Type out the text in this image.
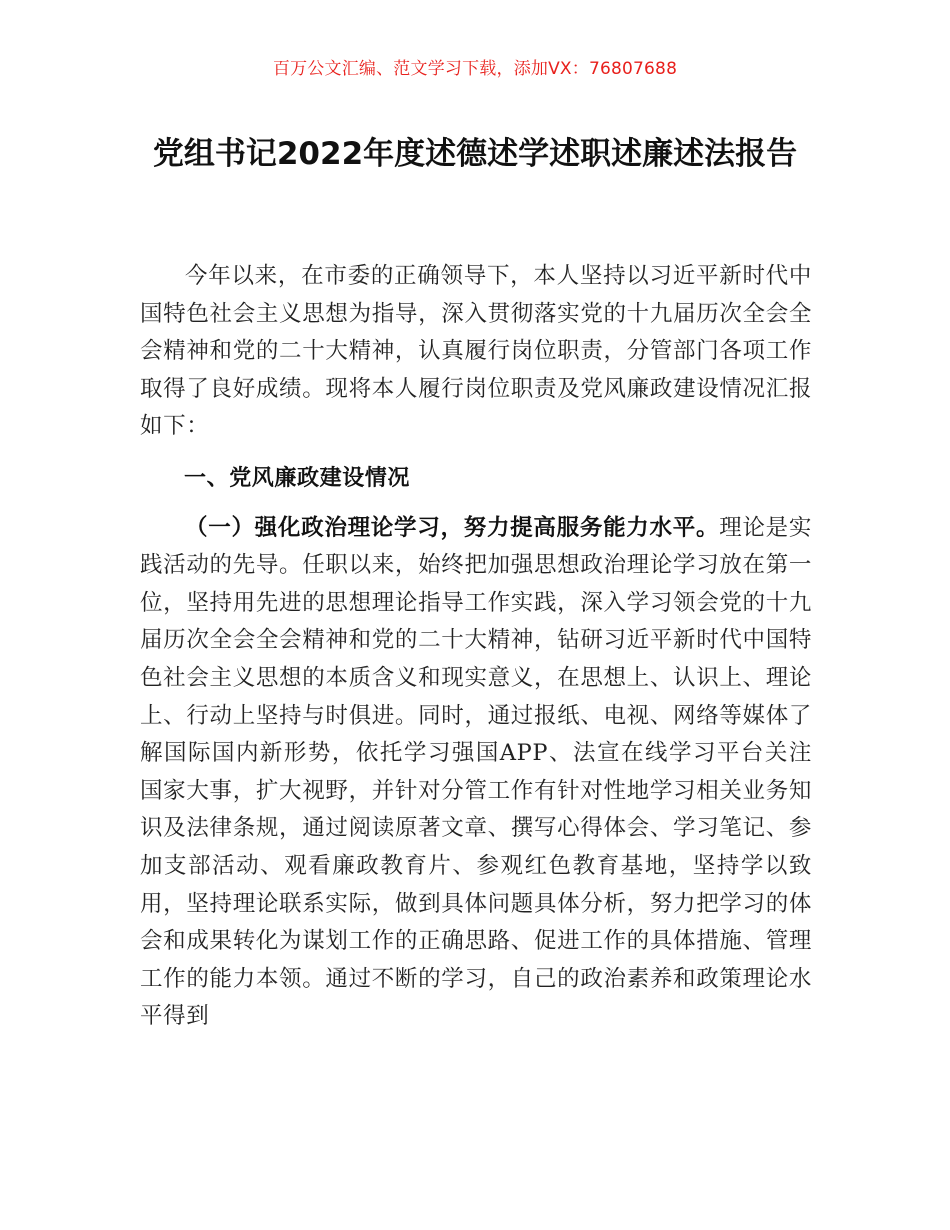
百万公文汇编、范文学习下载，添加VX：76807688
党组书记2022年度述德述学述职述廉述法报告

今年以来，在市委的正确领导下，本人坚持以习近平新时代中国特色社会主义思想为指导，深入贯彻落实党的十九届历次全会全会精神和党的二十大精神，认真履行岗位职责，分管部门各项工作取得了良好成绩。现将本人履行岗位职责及党风廉政建设情况汇报如下：

一、党风廉政建设情况

（一）强化政治理论学习，努力提高服务能力水平。理论是实践活动的先导。任职以来，始终把加强思想政治理论学习放在第一位，坚持用先进的思想理论指导工作实践，深入学习领会党的十九届历次全会全会精神和党的二十大精神，钻研习近平新时代中国特色社会主义思想的本质含义和现实意义，在思想上、认识上、理论上、行动上坚持与时俱进。同时，通过报纸、电视、网络等媒体了解国际国内新形势，依托学习强国APP、法宣在线学习平台关注国家大事，扩大视野，并针对分管工作有针对性地学习相关业务知识及法律条规，通过阅读原著文章、撰写心得体会、学习笔记、参加支部活动、观看廉政教育片、参观红色教育基地，坚持学以致用，坚持理论联系实际，做到具体问题具体分析，努力把学习的体会和成果转化为谋划工作的正确思路、促进工作的具体措施、管理工作的能力本领。通过不断的学习，自己的政治素养和政策理论水平得到
